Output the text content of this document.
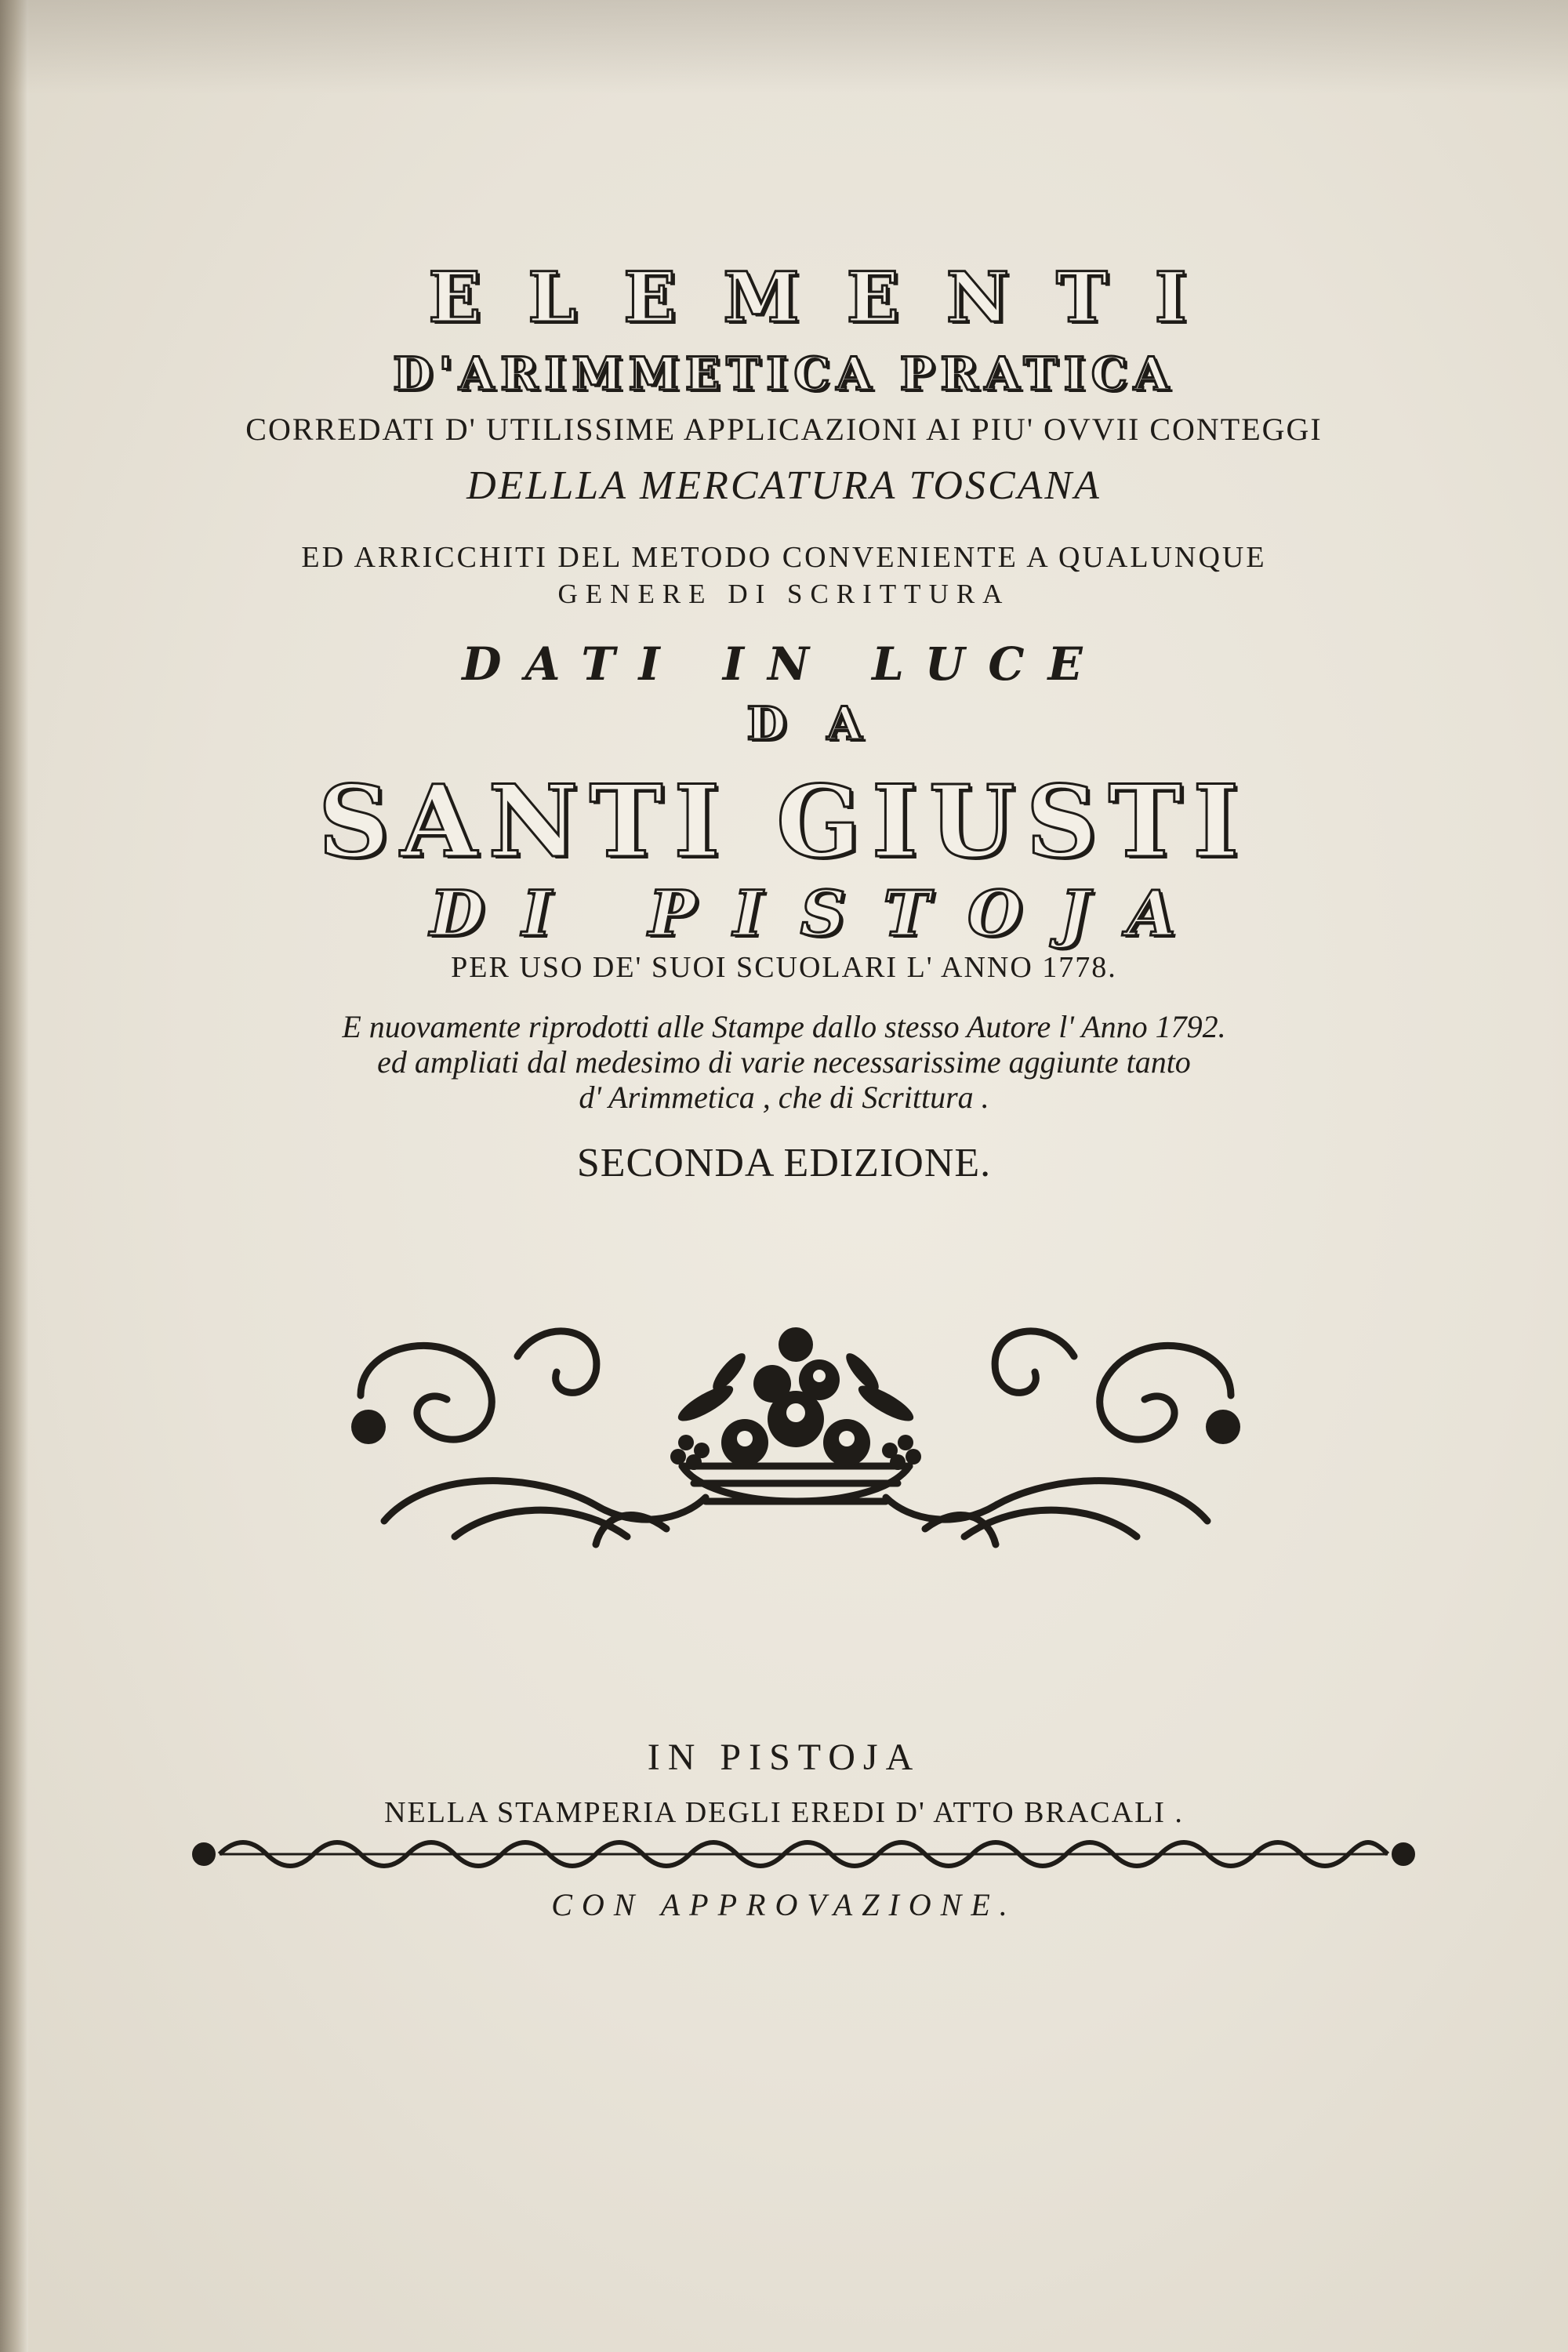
ELEMENTI
D'ARIMMETICA PRATICA
CORREDATI D' UTILISSIME APPLICAZIONI AI PIU' OVVII CONTEGGI
DELLLA MERCATURA TOSCANA
ED ARRICCHITI DEL METODO CONVENIENTE A QUALUNQUE
GENERE DI SCRITTURA
DATI IN LUCE
DA
SANTI GIUSTI
DI PISTOJA
PER USO DE' SUOI SCUOLARI L' ANNO 1778.
E nuovamente riprodotti alle Stampe dallo stesso Autore l' Anno 1792.
ed ampliati dal medesimo di varie necessarissime aggiunte tanto
d' Arimmetica , che di Scrittura .
SECONDA EDIZIONE.
IN PISTOJA
NELLA STAMPERIA DEGLI EREDI D' ATTO BRACALI .
CON APPROVAZIONE.
